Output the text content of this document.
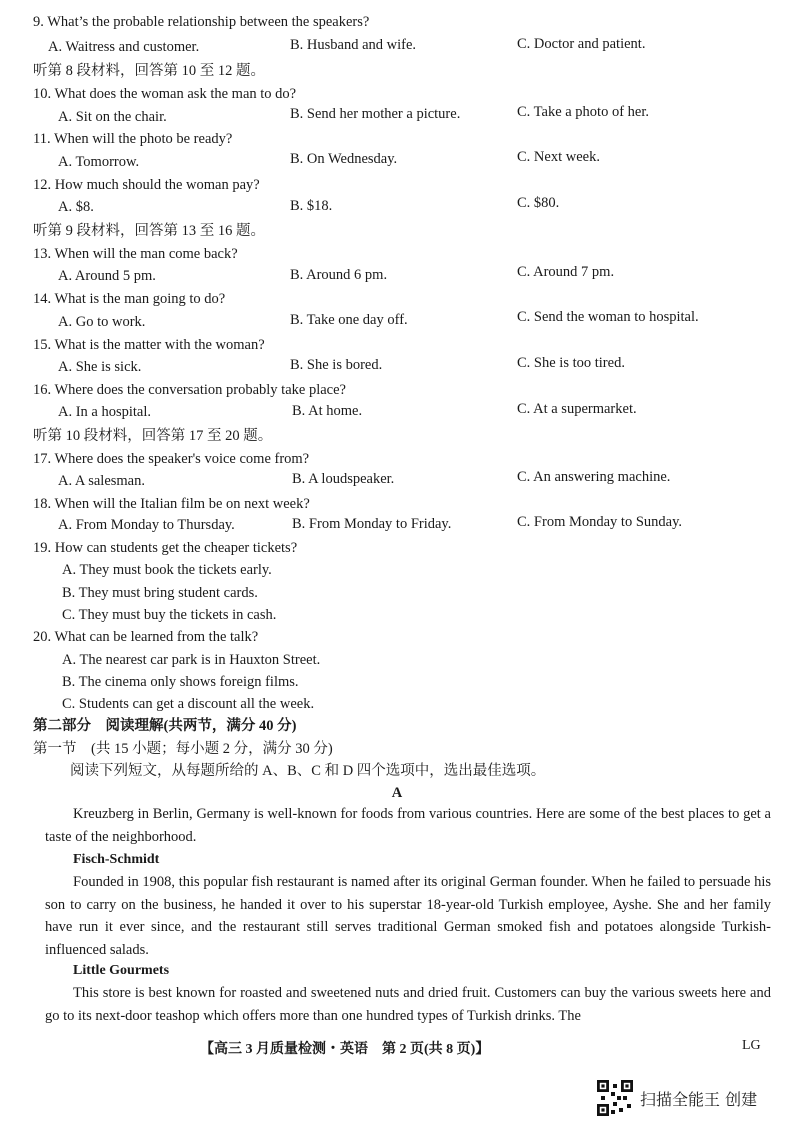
9. What’s the probable relationship between the speakers?
A. Waitress and customer.	B. Husband and wife.	C. Doctor and patient.
听第 8 段材料，回答第 10 至 12 题。
10. What does the woman ask the man to do?
A. Sit on the chair.	B. Send her mother a picture.	C. Take a photo of her.
11. When will the photo be ready?
A. Tomorrow.	B. On Wednesday.	C. Next week.
12. How much should the woman pay?
A. $8.	B. $18.	C. $80.
听第 9 段材料，回答第 13 至 16 题。
13. When will the man come back?
A. Around 5 pm.	B. Around 6 pm.	C. Around 7 pm.
14. What is the man going to do?
A. Go to work.	B. Take one day off.	C. Send the woman to hospital.
15. What is the matter with the woman?
A. She is sick.	B. She is bored.	C. She is too tired.
16. Where does the conversation probably take place?
A. In a hospital.	B. At home.	C. At a supermarket.
听第 10 段材料，回答第 17 至 20 题。
17. Where does the speaker's voice come from?
A. A salesman.	B. A loudspeaker.	C. An answering machine.
18. When will the Italian film be on next week?
A. From Monday to Thursday.	B. From Monday to Friday.	C. From Monday to Sunday.
19. How can students get the cheaper tickets?
A. They must book the tickets early.
B. They must bring student cards.
C. They must buy the tickets in cash.
20. What can be learned from the talk?
A. The nearest car park is in Hauxton Street.
B. The cinema only shows foreign films.
C. Students can get a discount all the week.
第二部分　阅读理解(共两节，满分 40 分)
第一节　(共 15 小题；每小题 2 分，满分 30 分)
阅读下列短文，从每题所给的 A、B、C 和 D 四个选项中，选出最佳选项。
A
Kreuzberg in Berlin, Germany is well-known for foods from various countries. Here are some of the best places to get a taste of the neighborhood.
Fisch-Schmidt
Founded in 1908, this popular fish restaurant is named after its original German founder. When he failed to persuade his son to carry on the business, he handed it over to his superstar 18-year-old Turkish employee, Ayshe. She and her family have run it ever since, and the restaurant still serves traditional German smoked fish and potatoes alongside Turkish-influenced salads.
Little Gourmets
This store is best known for roasted and sweetened nuts and dried fruit. Customers can buy the various sweets here and go to its next-door teashop which offers more than one hundred types of Turkish drinks. The
【高三 3 月质量检测・英语　第 2 页(共 8 页)】	LG
扫描全能王 创建
